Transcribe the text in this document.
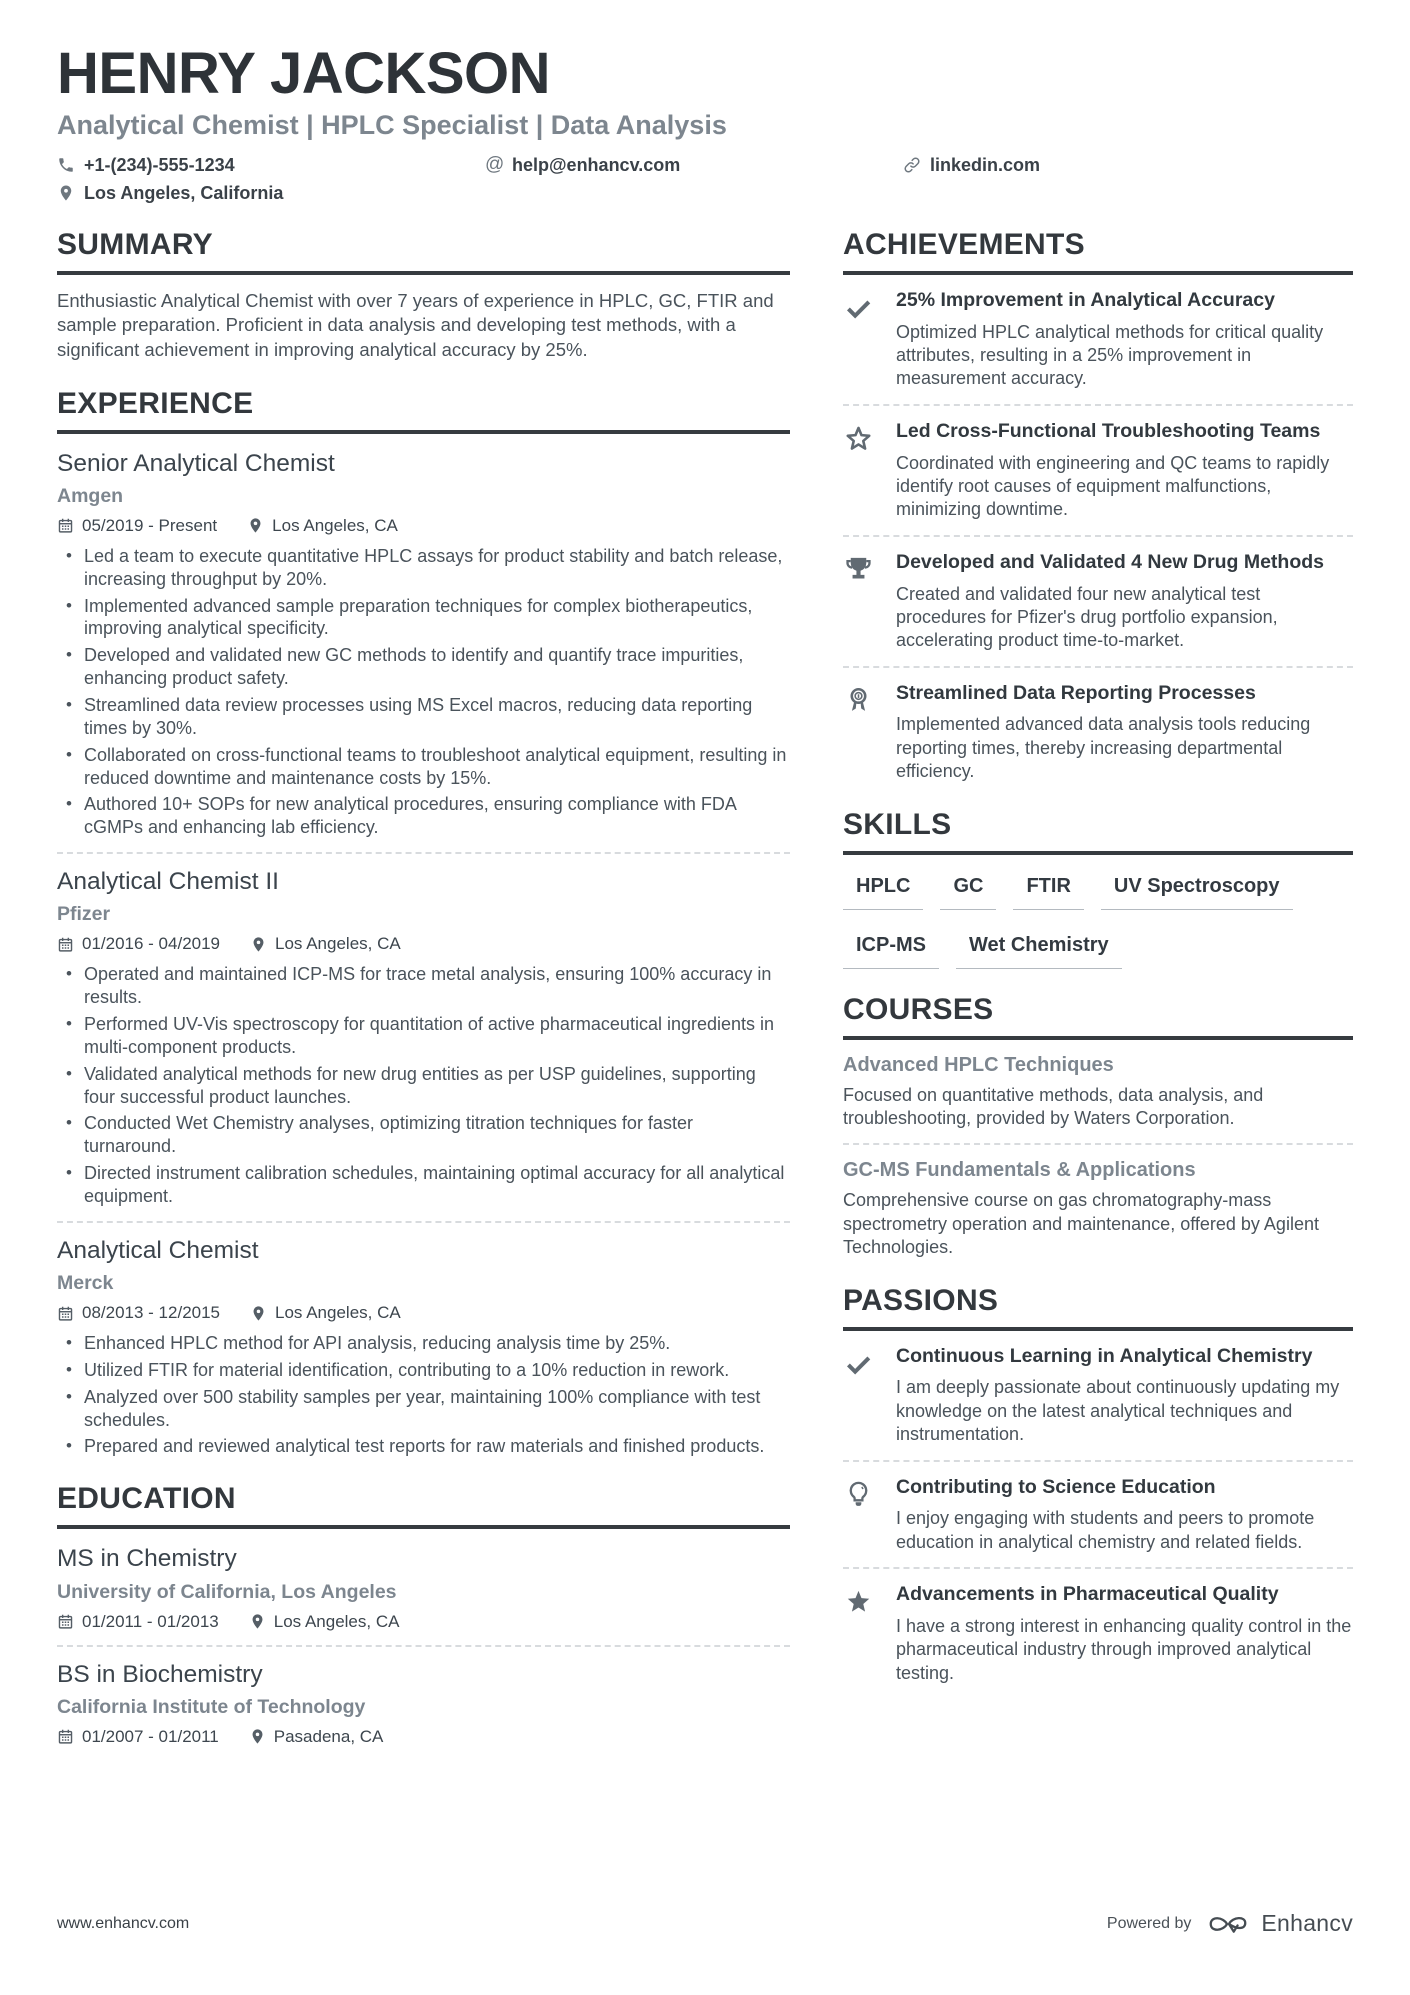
HENRY JACKSON
Analytical Chemist | HPLC Specialist | Data Analysis
+1-(234)-555-1234	@ help@enhancv.com	linkedin.com
Los Angeles, California
SUMMARY
Enthusiastic Analytical Chemist with over 7 years of experience in HPLC, GC, FTIR and sample preparation. Proficient in data analysis and developing test methods, with a significant achievement in improving analytical accuracy by 25%.
EXPERIENCE
Senior Analytical Chemist
Amgen
05/2019 - Present	Los Angeles, CA
• Led a team to execute quantitative HPLC assays for product stability and batch release, increasing throughput by 20%.
• Implemented advanced sample preparation techniques for complex biotherapeutics, improving analytical specificity.
• Developed and validated new GC methods to identify and quantify trace impurities, enhancing product safety.
• Streamlined data review processes using MS Excel macros, reducing data reporting times by 30%.
• Collaborated on cross-functional teams to troubleshoot analytical equipment, resulting in reduced downtime and maintenance costs by 15%.
• Authored 10+ SOPs for new analytical procedures, ensuring compliance with FDA cGMPs and enhancing lab efficiency.
Analytical Chemist II
Pfizer
01/2016 - 04/2019	Los Angeles, CA
• Operated and maintained ICP-MS for trace metal analysis, ensuring 100% accuracy in results.
• Performed UV-Vis spectroscopy for quantitation of active pharmaceutical ingredients in multi-component products.
• Validated analytical methods for new drug entities as per USP guidelines, supporting four successful product launches.
• Conducted Wet Chemistry analyses, optimizing titration techniques for faster turnaround.
• Directed instrument calibration schedules, maintaining optimal accuracy for all analytical equipment.
Analytical Chemist
Merck
08/2013 - 12/2015	Los Angeles, CA
• Enhanced HPLC method for API analysis, reducing analysis time by 25%.
• Utilized FTIR for material identification, contributing to a 10% reduction in rework.
• Analyzed over 500 stability samples per year, maintaining 100% compliance with test schedules.
• Prepared and reviewed analytical test reports for raw materials and finished products.
EDUCATION
MS in Chemistry
University of California, Los Angeles
01/2011 - 01/2013	Los Angeles, CA
BS in Biochemistry
California Institute of Technology
01/2007 - 01/2011	Pasadena, CA
ACHIEVEMENTS
25% Improvement in Analytical Accuracy
Optimized HPLC analytical methods for critical quality attributes, resulting in a 25% improvement in measurement accuracy.
Led Cross-Functional Troubleshooting Teams
Coordinated with engineering and QC teams to rapidly identify root causes of equipment malfunctions, minimizing downtime.
Developed and Validated 4 New Drug Methods
Created and validated four new analytical test procedures for Pfizer's drug portfolio expansion, accelerating product time-to-market.
Streamlined Data Reporting Processes
Implemented advanced data analysis tools reducing reporting times, thereby increasing departmental efficiency.
SKILLS
HPLC	GC	FTIR	UV Spectroscopy
ICP-MS	Wet Chemistry
COURSES
Advanced HPLC Techniques
Focused on quantitative methods, data analysis, and troubleshooting, provided by Waters Corporation.
GC-MS Fundamentals & Applications
Comprehensive course on gas chromatography-mass spectrometry operation and maintenance, offered by Agilent Technologies.
PASSIONS
Continuous Learning in Analytical Chemistry
I am deeply passionate about continuously updating my knowledge on the latest analytical techniques and instrumentation.
Contributing to Science Education
I enjoy engaging with students and peers to promote education in analytical chemistry and related fields.
Advancements in Pharmaceutical Quality
I have a strong interest in enhancing quality control in the pharmaceutical industry through improved analytical testing.
www.enhancv.com	Powered by	Enhancv
